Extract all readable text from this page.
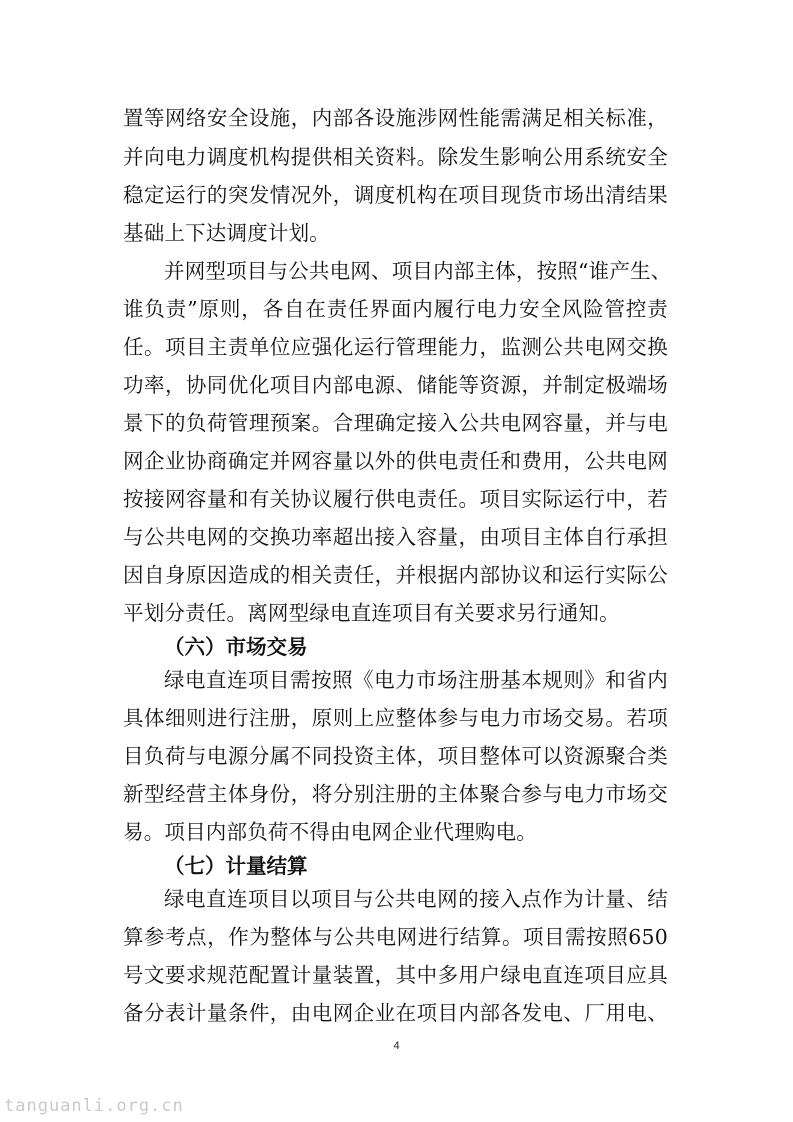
置等网络安全设施，内部各设施涉网性能需满足相关标准，
并向电力调度机构提供相关资料。除发生影响公用系统安全
稳定运行的突发情况外，调度机构在项目现货市场出清结果
基础上下达调度计划。
并网型项目与公共电网、项目内部主体，按照“谁产生、
谁负责”原则，各自在责任界面内履行电力安全风险管控责
任。项目主责单位应强化运行管理能力，监测公共电网交换
功率，协同优化项目内部电源、储能等资源，并制定极端场
景下的负荷管理预案。合理确定接入公共电网容量，并与电
网企业协商确定并网容量以外的供电责任和费用，公共电网
按接网容量和有关协议履行供电责任。项目实际运行中，若
与公共电网的交换功率超出接入容量，由项目主体自行承担
因自身原因造成的相关责任，并根据内部协议和运行实际公
平划分责任。离网型绿电直连项目有关要求另行通知。
（六）市场交易
绿电直连项目需按照《电力市场注册基本规则》和省内
具体细则进行注册，原则上应整体参与电力市场交易。若项
目负荷与电源分属不同投资主体，项目整体可以资源聚合类
新型经营主体身份，将分别注册的主体聚合参与电力市场交
易。项目内部负荷不得由电网企业代理购电。
（七）计量结算
绿电直连项目以项目与公共电网的接入点作为计量、结
算参考点，作为整体与公共电网进行结算。项目需按照650
号文要求规范配置计量装置，其中多用户绿电直连项目应具
备分表计量条件，由电网企业在项目内部各发电、厂用电、
4
tanguanli.org.cn
